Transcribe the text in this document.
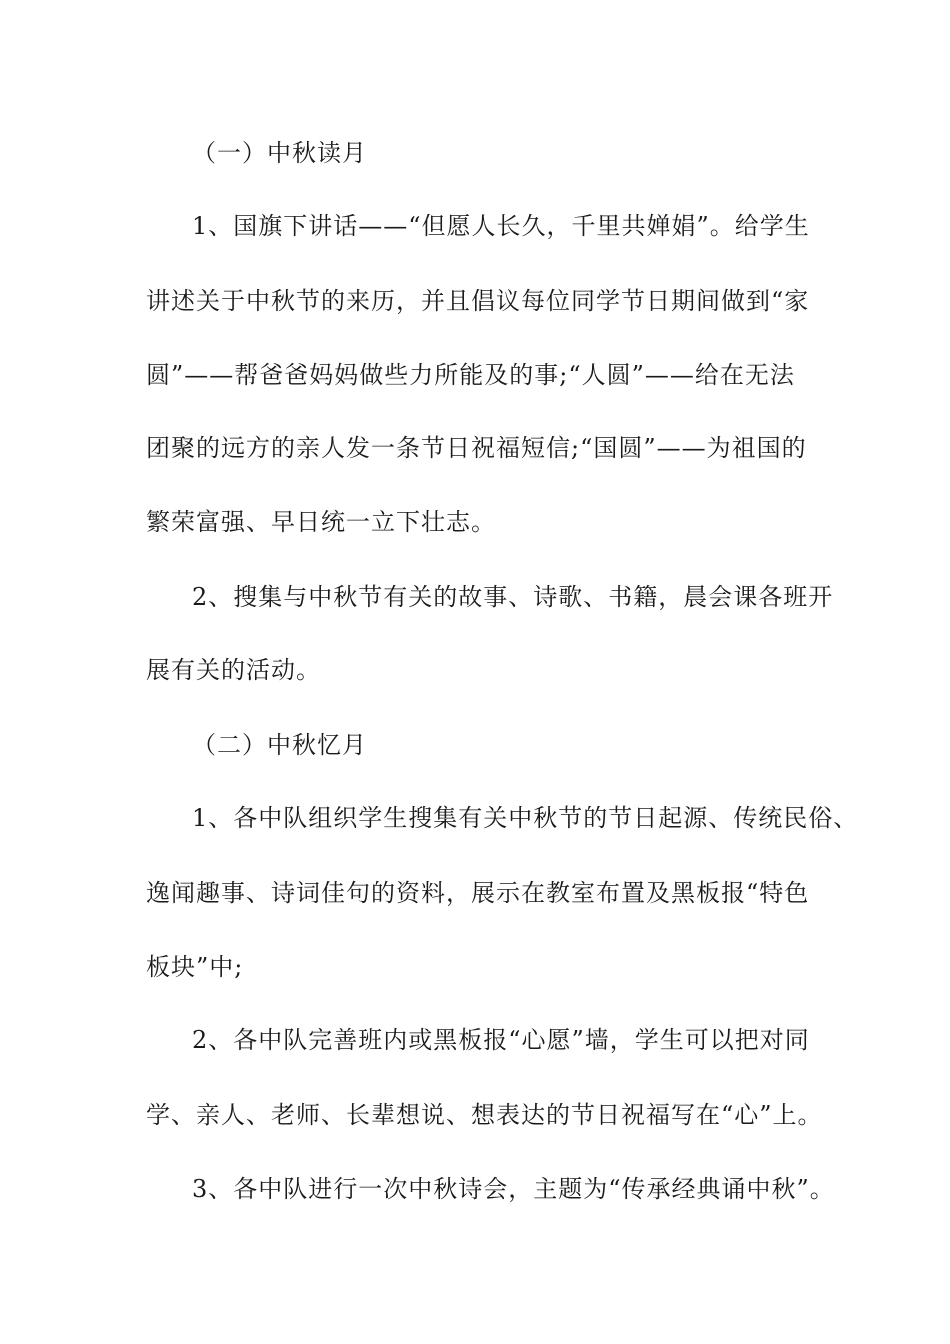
（一）中秋读月
1、国旗下讲话——“但愿人长久，千里共婵娟”。给学生
讲述关于中秋节的来历，并且倡议每位同学节日期间做到“家
圆”——帮爸爸妈妈做些力所能及的事;“人圆”——给在无法
团聚的远方的亲人发一条节日祝福短信;“国圆”——为祖国的
繁荣富强、早日统一立下壮志。
2、搜集与中秋节有关的故事、诗歌、书籍，晨会课各班开
展有关的活动。
（二）中秋忆月
1、各中队组织学生搜集有关中秋节的节日起源、传统民俗、
逸闻趣事、诗词佳句的资料，展示在教室布置及黑板报“特色
板块”中;
2、各中队完善班内或黑板报“心愿”墙，学生可以把对同
学、亲人、老师、长辈想说、想表达的节日祝福写在“心”上。
3、各中队进行一次中秋诗会，主题为“传承经典诵中秋”。
